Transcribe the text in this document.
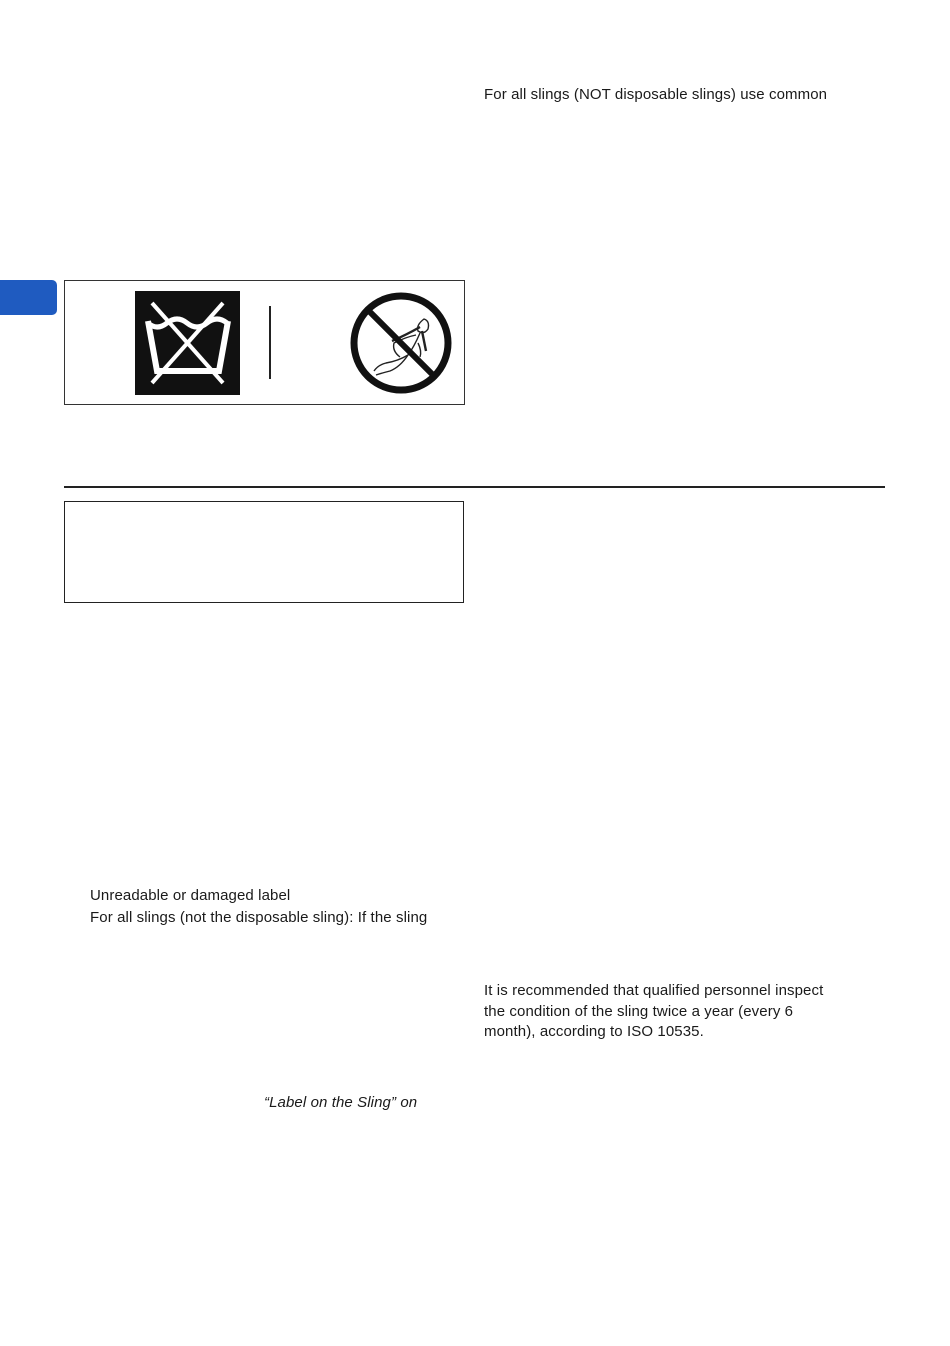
For all slings (NOT disposable slings) use common
Unreadable or damaged label
For all slings (not the disposable sling): If the sling
“Label on the Sling” on
It is recommended that qualified personnel inspect
the condition of the sling twice a year (every 6
month), according to ISO 10535.
